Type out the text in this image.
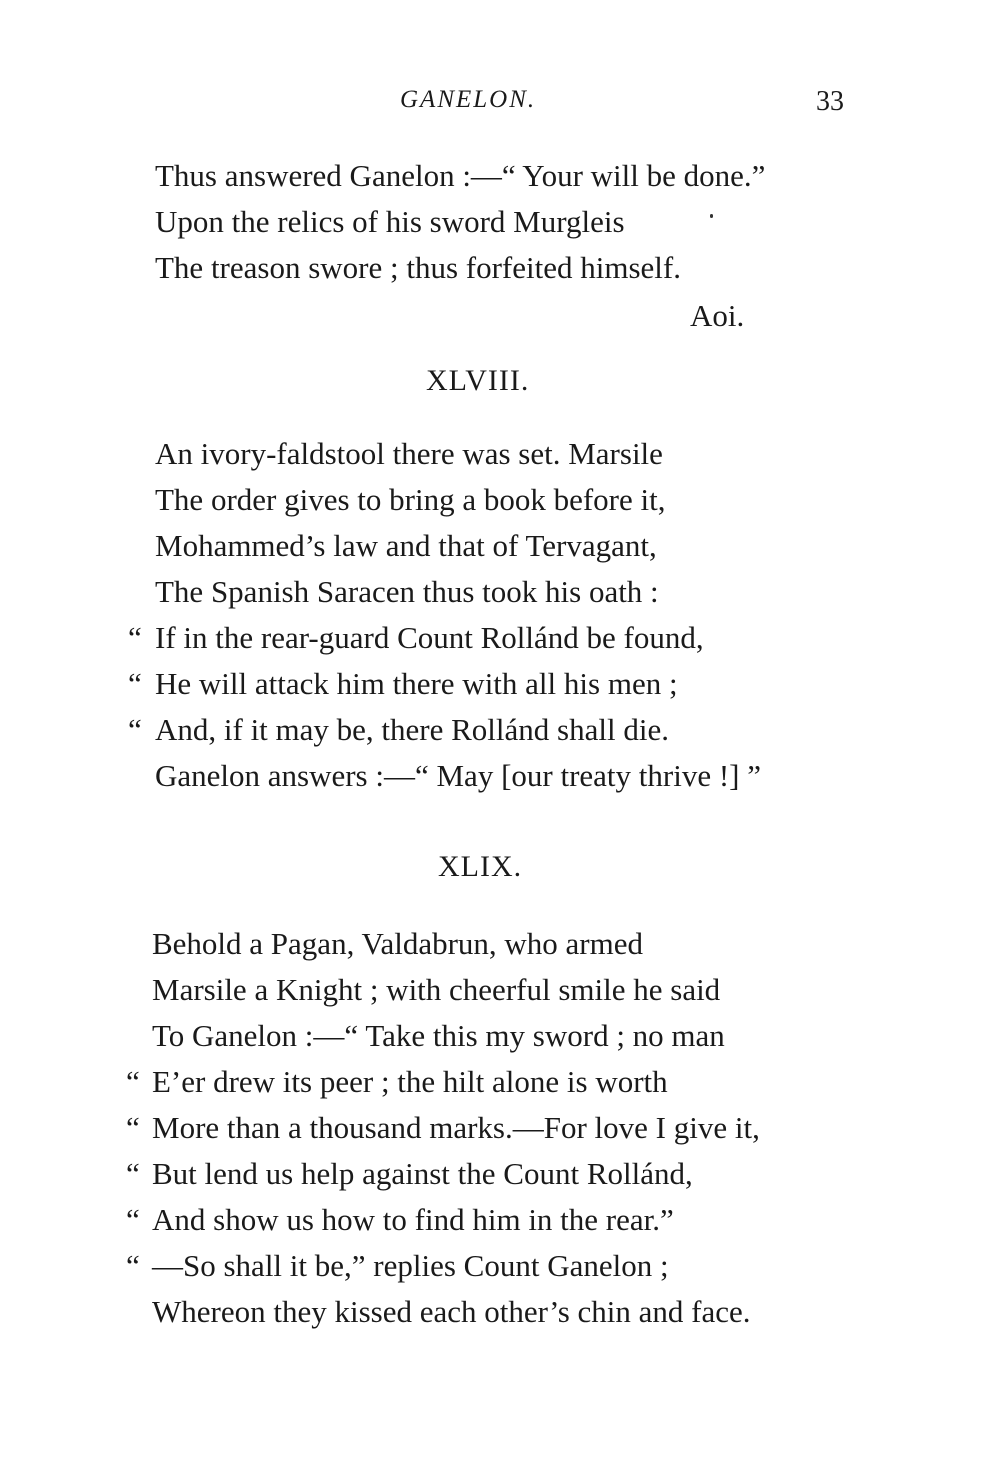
GANELON.	33
Thus answered Ganelon :—“ Your will be done.”
Upon the relics of his sword Murgleis
The treason swore ; thus forfeited himself.
Aoi.
XLVIII.
An ivory-faldstool there was set. Marsile
The order gives to bring a book before it,
Mohammed’s law and that of Tervagant,
The Spanish Saracen thus took his oath :
“ If in the rear-guard Count Rollánd be found,
“ He will attack him there with all his men ;
“ And, if it may be, there Rollánd shall die.
Ganelon answers :—“ May [our treaty thrive !] ”
XLIX.
Behold a Pagan, Valdabrun, who armed
Marsile a Knight ; with cheerful smile he said
To Ganelon :—“ Take this my sword ; no man
“ E’er drew its peer ; the hilt alone is worth
“ More than a thousand marks.—For love I give it,
“ But lend us help against the Count Rollánd,
“ And show us how to find him in the rear.”
“ —So shall it be,” replies Count Ganelon ;
Whereon they kissed each other’s chin and face.
